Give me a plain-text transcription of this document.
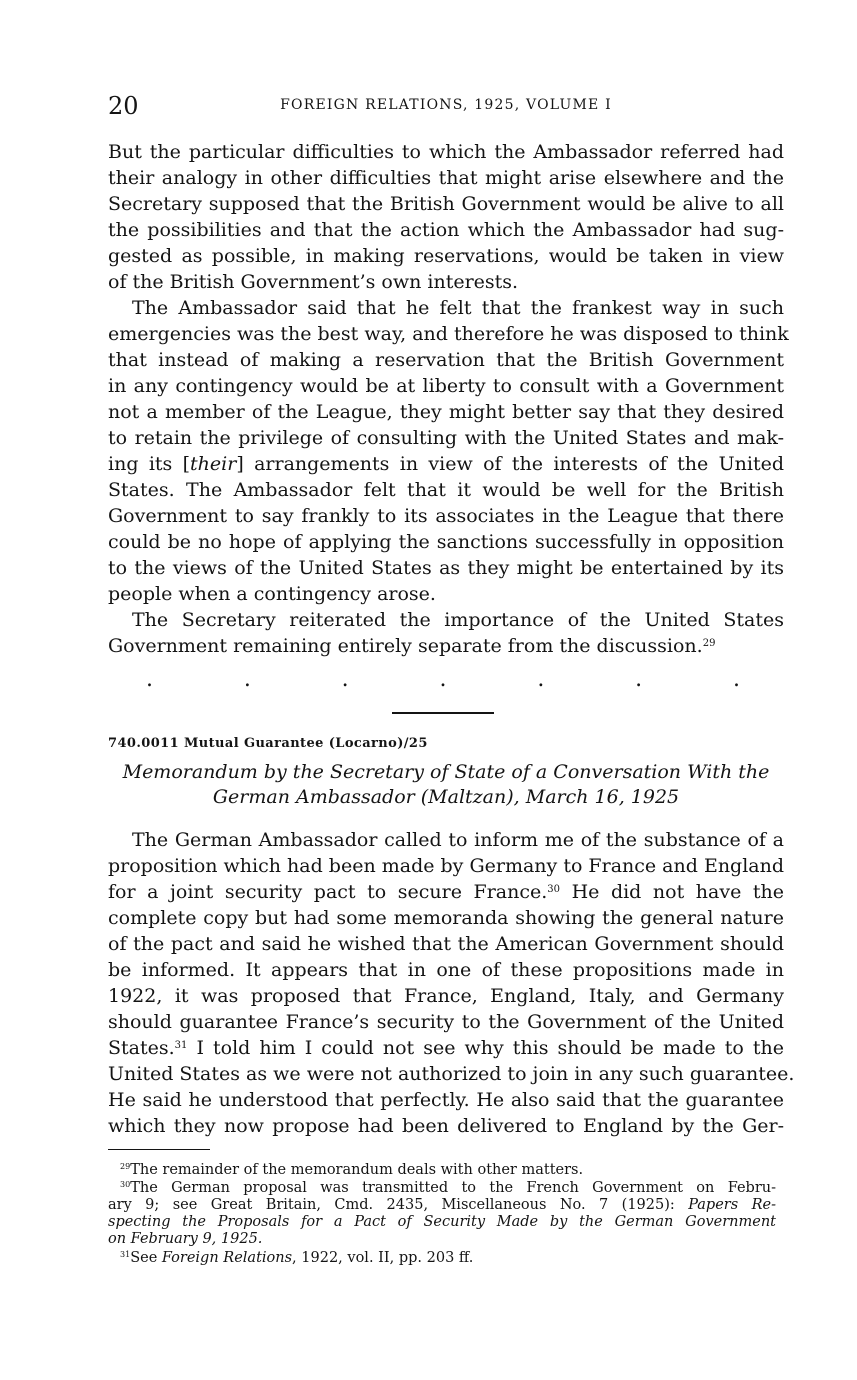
20	FOREIGN RELATIONS, 1925, VOLUME I
But the particular difficulties to which the Ambassador referred had
their analogy in other difficulties that might arise elsewhere and the
Secretary supposed that the British Government would be alive to all
the possibilities and that the action which the Ambassador had sug-
gested as possible, in making reservations, would be taken in view
of the British Government’s own interests.
The Ambassador said that he felt that the frankest way in such
emergencies was the best way, and therefore he was disposed to think
that instead of making a reservation that the British Government
in any contingency would be at liberty to consult with a Government
not a member of the League, they might better say that they desired
to retain the privilege of consulting with the United States and mak-
ing its [their] arrangements in view of the interests of the United
States. The Ambassador felt that it would be well for the British
Government to say frankly to its associates in the League that there
could be no hope of applying the sanctions successfully in opposition
to the views of the United States as they might be entertained by its
people when a contingency arose.
The Secretary reiterated the importance of the United States
Government remaining entirely separate from the discussion.$^{29}$
.	.	.	.	.	.	.
740.0011 Mutual Guarantee (Locarno)/25
Memorandum by the Secretary of State of a Conversation With the
German Ambassador (Maltzan), March 16, 1925
The German Ambassador called to inform me of the substance of a
proposition which had been made by Germany to France and England
for a joint security pact to secure France.$^{30}$ He did not have the
complete copy but had some memoranda showing the general nature
of the pact and said he wished that the American Government should
be informed. It appears that in one of these propositions made in
1922, it was proposed that France, England, Italy, and Germany
should guarantee France’s security to the Government of the United
States.$^{31}$ I told him I could not see why this should be made to the
United States as we were not authorized to join in any such guarantee.
He said he understood that perfectly. He also said that the guarantee
which they now propose had been delivered to England by the Ger-
$^{29}$The remainder of the memorandum deals with other matters.
$^{30}$The German proposal was transmitted to the French Government on Febru-
ary 9; see Great Britain, Cmd. 2435, Miscellaneous No. 7 (1925): Papers Re-
specting the Proposals for a Pact of Security Made by the German Government
on February 9, 1925.
$^{31}$See Foreign Relations, 1922, vol. II, pp. 203 ff.
